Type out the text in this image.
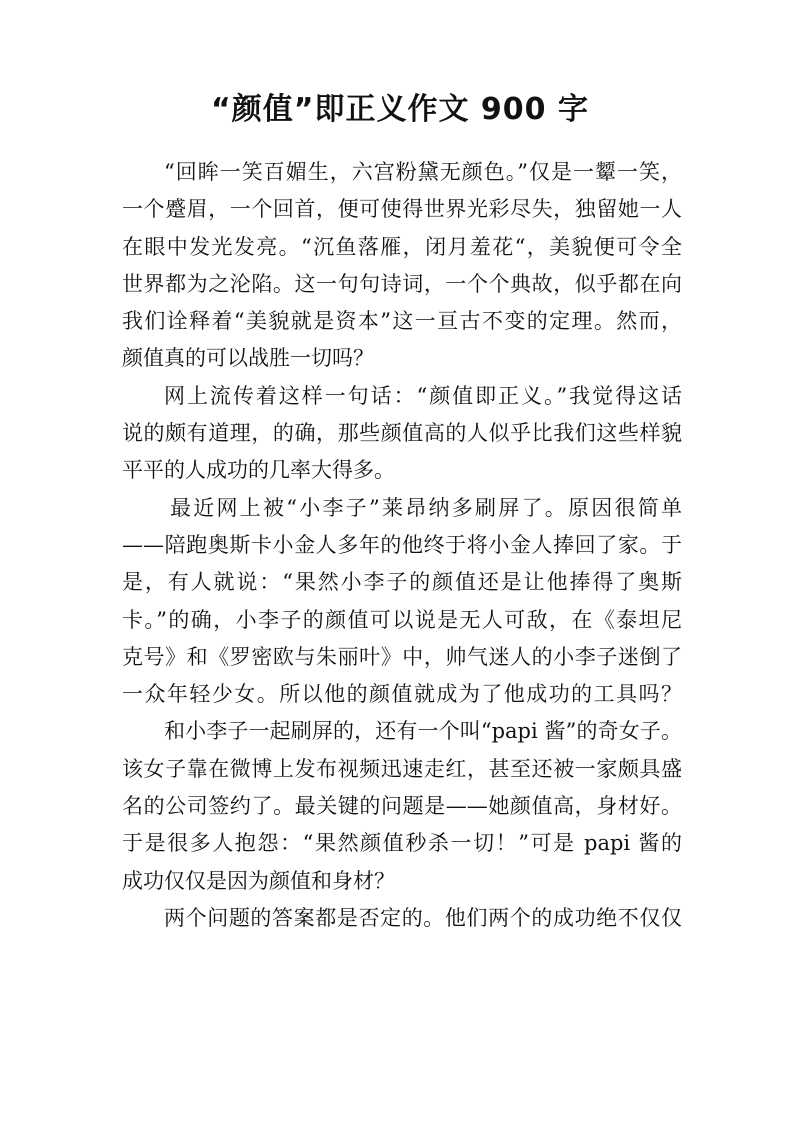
“颜值”即正义作文 900 字
“回眸一笑百媚生，六宫粉黛无颜色。”仅是一颦一笑，
一个蹙眉，一个回首，便可使得世界光彩尽失，独留她一人
在眼中发光发亮。“沉鱼落雁，闭月羞花“，美貌便可令全
世界都为之沦陷。这一句句诗词，一个个典故，似乎都在向
我们诠释着“美貌就是资本”这一亘古不变的定理。然而，
颜值真的可以战胜一切吗？
网上流传着这样一句话：“颜值即正义。”我觉得这话
说的颇有道理，的确，那些颜值高的人似乎比我们这些样貌
平平的人成功的几率大得多。
最近网上被“小李子”莱昂纳多刷屏了。原因很简单
——陪跑奥斯卡小金人多年的他终于将小金人捧回了家。于
是，有人就说：“果然小李子的颜值还是让他捧得了奥斯
卡。”的确，小李子的颜值可以说是无人可敌，在《泰坦尼
克号》和《罗密欧与朱丽叶》中，帅气迷人的小李子迷倒了
一众年轻少女。所以他的颜值就成为了他成功的工具吗？
和小李子一起刷屏的，还有一个叫“papi 酱”的奇女子。
该女子靠在微博上发布视频迅速走红，甚至还被一家颇具盛
名的公司签约了。最关键的问题是——她颜值高，身材好。
于是很多人抱怨：“果然颜值秒杀一切！”可是 papi 酱的
成功仅仅是因为颜值和身材？
两个问题的答案都是否定的。他们两个的成功绝不仅仅
